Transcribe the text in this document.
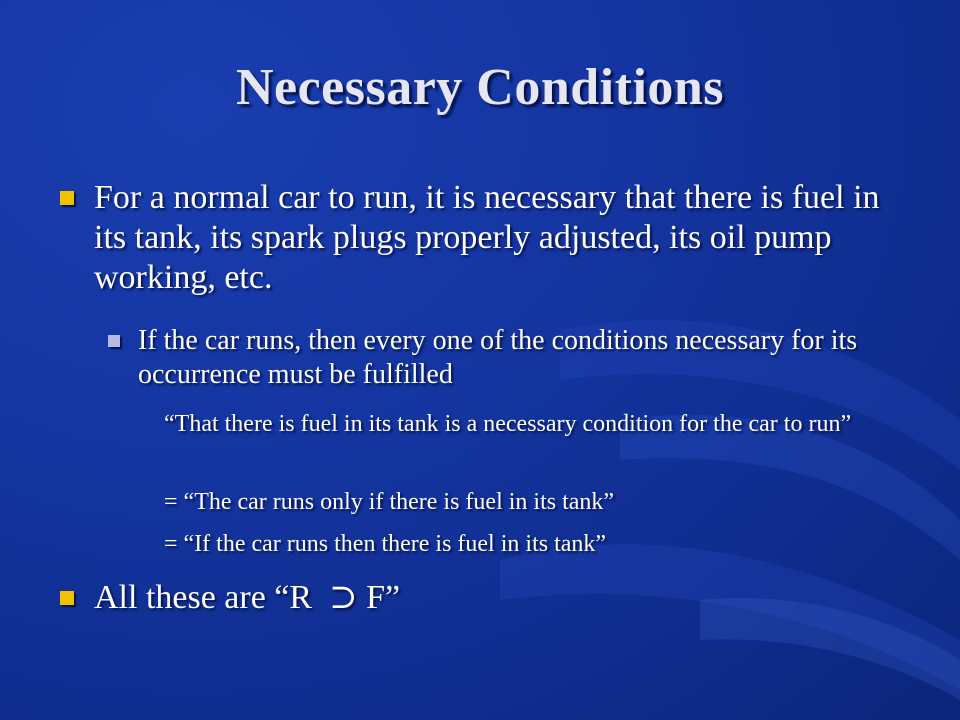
Necessary Conditions
For a normal car to run, it is necessary that there is fuel in its tank, its spark plugs properly adjusted, its oil pump working, etc.
If the car runs, then every one of the conditions necessary for its occurrence must be fulfilled
“That there is fuel in its tank is a necessary condition for the car to run”
= “The car runs only if there is fuel in its tank”
= “If the car runs then there is fuel in its tank”
All these are “R  ⊃ F”
